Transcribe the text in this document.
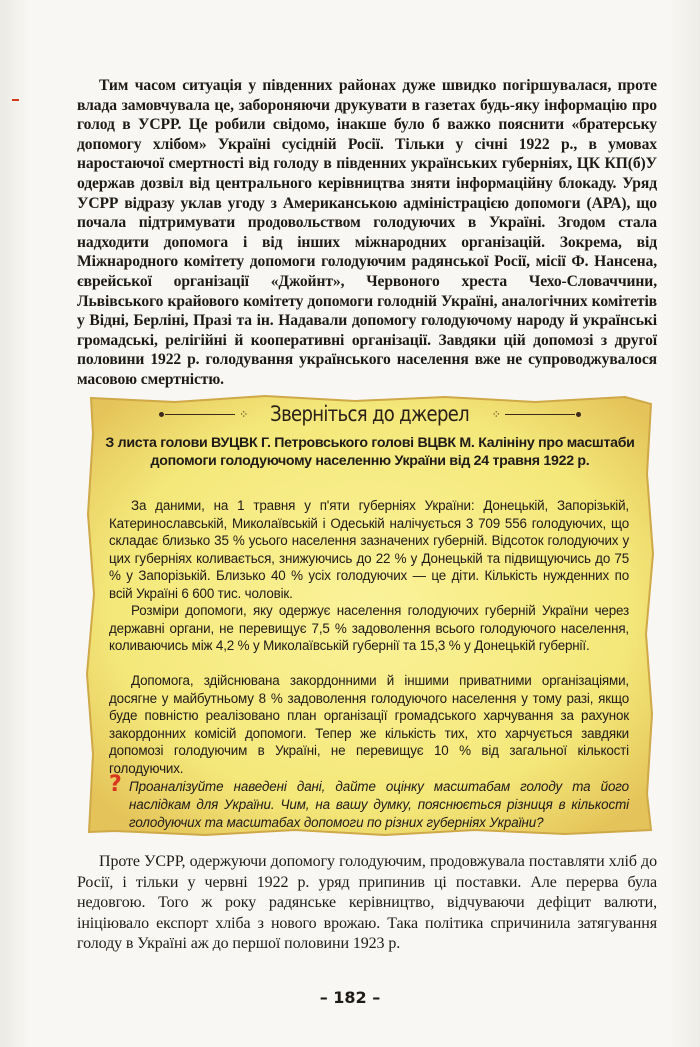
Тим часом ситуація у південних районах дуже швидко погіршувалася, проте влада замовчувала це, забороняючи друкувати в газетах будь-яку інформацію про голод в УСРР. Це робили свідомо, інакше було б важко пояснити «братерську допомогу хлібом» Україні сусідній Росії. Тільки у січні 1922 р., в умовах наростаючої смертності від голоду в південних українських губерніях, ЦК КП(б)У одержав дозвіл від центрального керівництва зняти інформаційну блокаду. Уряд УСРР відразу уклав угоду з Американською адміністрацією допомоги (АРА), що почала підтримувати продовольством голодуючих в Україні. Згодом стала надходити допомога і від інших міжнародних організацій. Зокрема, від Міжнародного комітету допомоги голодуючим радянської Росії, місії Ф. Нансена, єврейської організації «Джойнт», Червоного хреста Чехо-Словаччини, Львівського крайового комітету допомоги голодній Україні, аналогічних комітетів у Відні, Берліні, Празі та ін. Надавали допомогу голодуючому народу й українські громадські, релігійні й кооперативні організації. Завдяки цій допомозі з другої половини 1922 р. голодування українського населення вже не супроводжувалося масовою смертністю.

⁘ Зверніться до джерел ⁘

З листа голови ВУЦВК Г. Петровського голові ВЦВК М. Калініну про масштаби допомоги голодуючому населенню України від 24 травня 1922 р.

За даними, на 1 травня у п'яти губерніях України: Донецькій, Запорізькій, Катеринославській, Миколаївській і Одеській налічується 3 709 556 голодуючих, що складає близько 35 % усього населення зазначених губерній. Відсоток голодуючих у цих губерніях коливається, знижуючись до 22 % у Донецькій та підвищуючись до 75 % у Запорізькій. Близько 40 % усіх голодуючих — це діти. Кількість нужденних по всій Україні 6 600 тис. чоловік.

Розміри допомоги, яку одержує населення голодуючих губерній України через державні органи, не перевищує 7,5 % задоволення всього голодуючого населення, коливаючись між 4,2 % у Миколаївській губернії та 15,3 % у Донецькій губернії.

Допомога, здійснювана закордонними й іншими приватними організаціями, досягне у майбутньому 8 % задоволення голодуючого населення у тому разі, якщо буде повністю реалізовано план організації громадського харчування за рахунок закордонних комісій допомоги. Тепер же кількість тих, хто харчується завдяки допомозі голодуючим в Україні, не перевищує 10 % від загальної кількості голодуючих.

? Проаналізуйте наведені дані, дайте оцінку масштабам голоду та його наслідкам для України. Чим, на вашу думку, пояснюється різниця в кількості голодуючих та масштабах допомоги по різних губерніях України?

Проте УСРР, одержуючи допомогу голодуючим, продовжувала поставляти хліб до Росії, і тільки у червні 1922 р. уряд припинив ці поставки. Але перерва була недовгою. Того ж року радянське керівництво, відчуваючи дефіцит валюти, ініціювало експорт хліба з нового врожаю. Така політика спричинила затягування голоду в Україні аж до першої половини 1923 р.

– 182 –
